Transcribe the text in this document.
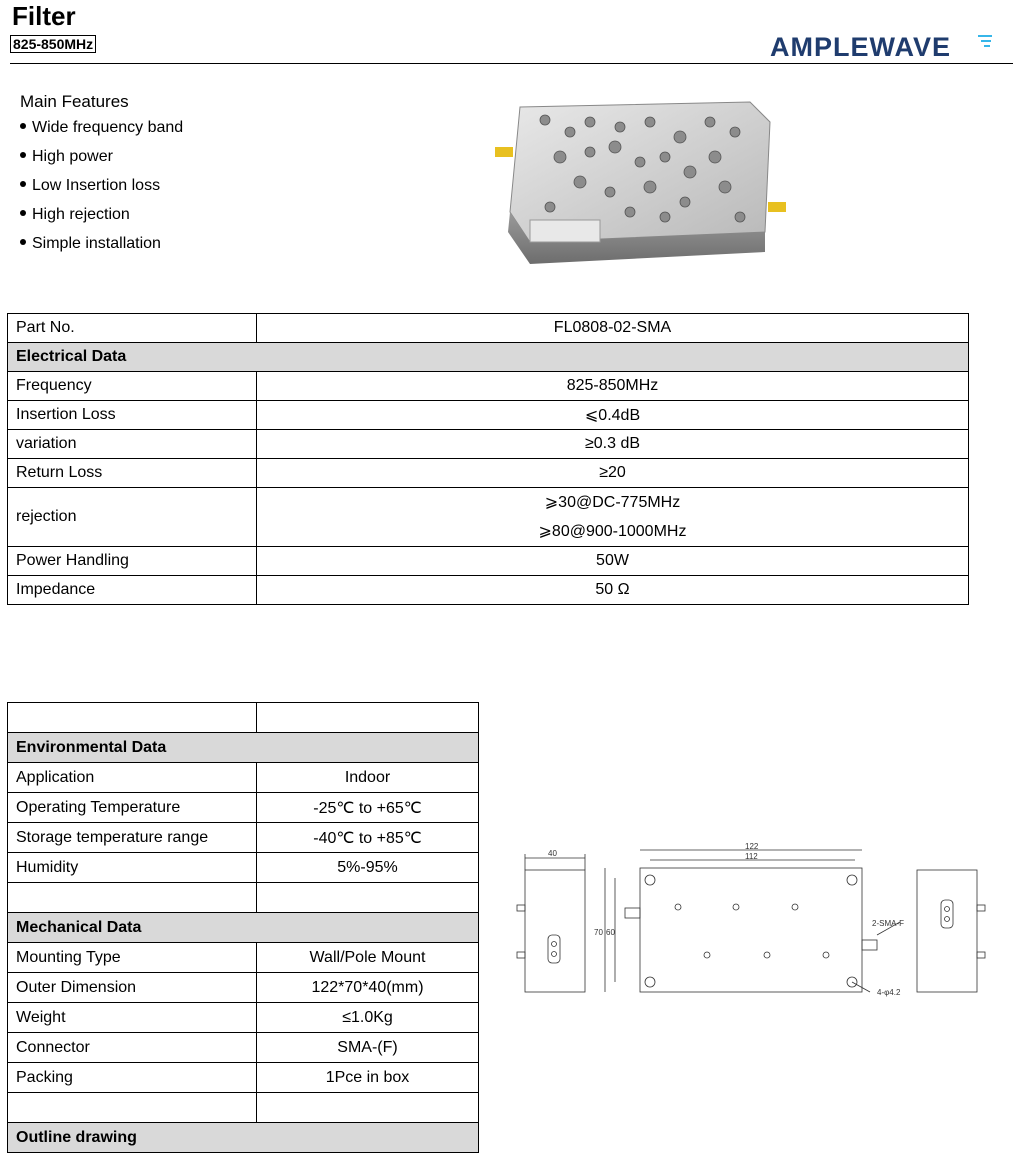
Filter
825-850MHz	AMPLEWAVE
Main Features
Wide frequency band
High power
Low Insertion loss
High rejection
Simple installation
Part No.	FL0808-02-SMA
Electrical Data	
Frequency	825-850MHz
Insertion Loss	⩽0.4dB
variation	≥0.3 dB
Return Loss	≥20
rejection	⩾30@DC-775MHz
⩾80@900-1000MHz

Power Handling	50W
Impedance	50 Ω

Environmental Data	
Application	Indoor
Operating Temperature	-25℃ to +65℃
Storage temperature range	-40℃ to +85℃
Humidity	5%-95%

Mechanical Data	
Mounting Type	Wall/Pole Mount
Outer Dimension	122*70*40(mm)
Weight	≤1.0Kg
Connector	SMA-(F)
Packing	1Pce in box

Outline drawing	
40
122
112
70 60
2-SMA-F
4-φ4.2
